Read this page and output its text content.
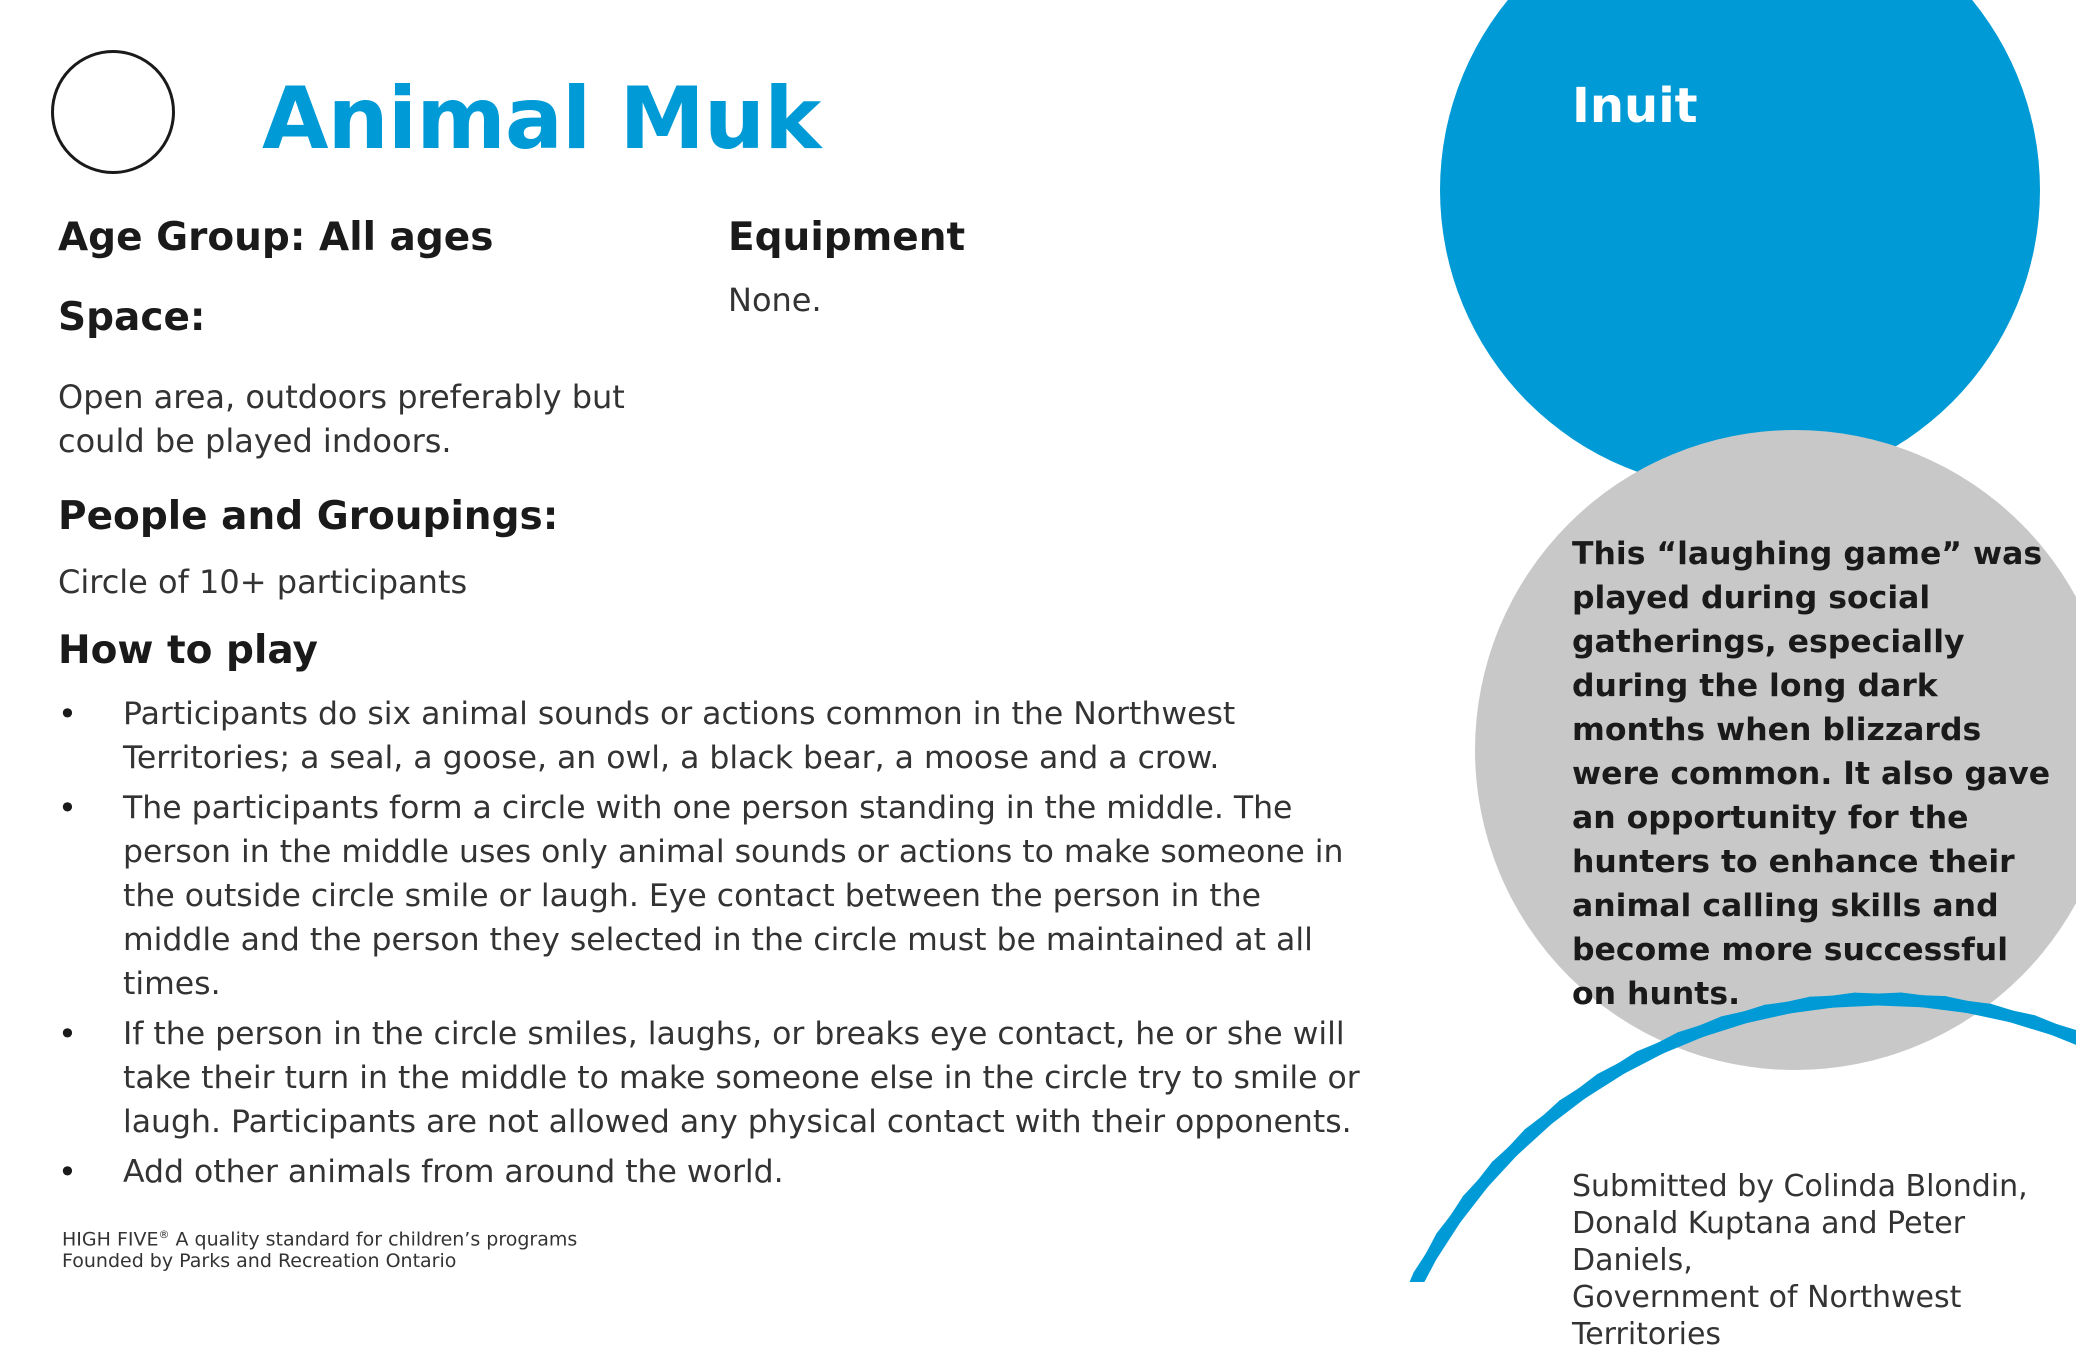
Animal Muk
Age Group: All ages
Space:

Open area, outdoors preferably but could be played indoors.

People and Groupings:

Circle of 10+ participants

Equipment

None.

How to play
• Participants do six animal sounds or actions common in the Northwest Territories; a seal, a goose, an owl, a black bear, a moose and a crow.
• The participants form a circle with one person standing in the middle. The person in the middle uses only animal sounds or actions to make someone in the outside circle smile or laugh. Eye contact between the person in the middle and the person they selected in the circle must be maintained at all times.
• If the person in the circle smiles, laughs, or breaks eye contact, he or she will take their turn in the middle to make someone else in the circle try to smile or laugh. Participants are not allowed any physical contact with their opponents.
• Add other animals from around the world.

HIGH FIVE® A quality standard for children’s programs
Founded by Parks and Recreation Ontario

Inuit

This “laughing game” was played during social gatherings, especially during the long dark months when blizzards were common. It also gave an opportunity for the hunters to enhance their animal calling skills and become more successful on hunts.

Submitted by Colinda Blondin,
Donald Kuptana and Peter Daniels,
Government of Northwest Territories
